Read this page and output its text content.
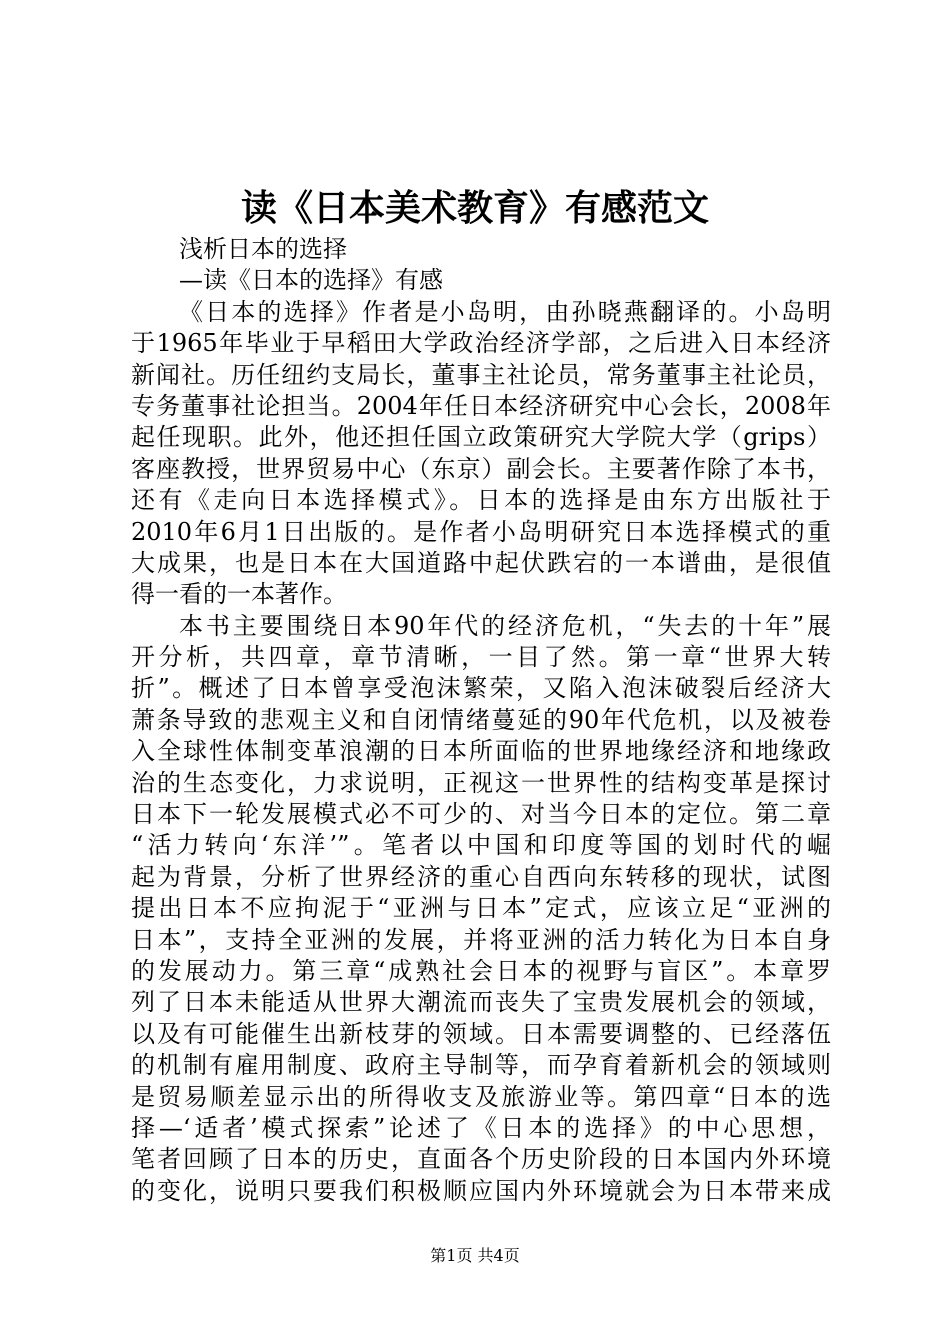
读《日本美术教育》有感范文
浅析日本的选择
—读《日本的选择》有感
《日本的选择》作者是小岛明，由孙晓燕翻译的。小岛明
于1965年毕业于早稻田大学政治经济学部，之后进入日本经济
新闻社。历任纽约支局长，董事主社论员，常务董事主社论员，
专务董事社论担当。2004年任日本经济研究中心会长，2008年
起任现职。此外，他还担任国立政策研究大学院大学（grips）
客座教授，世界贸易中心（东京）副会长。主要著作除了本书，
还有《走向日本选择模式》。日本的选择是由东方出版社于
2010年6月1日出版的。是作者小岛明研究日本选择模式的重
大成果，也是日本在大国道路中起伏跌宕的一本谱曲，是很值
得一看的一本著作。
本书主要围绕日本90年代的经济危机，“失去的十年”展
开分析，共四章，章节清晰，一目了然。第一章“世界大转
折”。概述了日本曾享受泡沫繁荣，又陷入泡沫破裂后经济大
萧条导致的悲观主义和自闭情绪蔓延的90年代危机，以及被卷
入全球性体制变革浪潮的日本所面临的世界地缘经济和地缘政
治的生态变化，力求说明，正视这一世界性的结构变革是探讨
日本下一轮发展模式必不可少的、对当今日本的定位。第二章
“活力转向‘东洋’”。笔者以中国和印度等国的划时代的崛
起为背景，分析了世界经济的重心自西向东转移的现状，试图
提出日本不应拘泥于“亚洲与日本”定式，应该立足“亚洲的
日本”，支持全亚洲的发展，并将亚洲的活力转化为日本自身
的发展动力。第三章“成熟社会日本的视野与盲区”。本章罗
列了日本未能适从世界大潮流而丧失了宝贵发展机会的领域，
以及有可能催生出新枝芽的领域。日本需要调整的、已经落伍
的机制有雇用制度、政府主导制等，而孕育着新机会的领域则
是贸易顺差显示出的所得收支及旅游业等。第四章“日本的选
择—‘适者’模式探索”论述了《日本的选择》的中心思想，
笔者回顾了日本的历史，直面各个历史阶段的日本国内外环境
的变化，说明只要我们积极顺应国内外环境就会为日本带来成
第1页 共4页
